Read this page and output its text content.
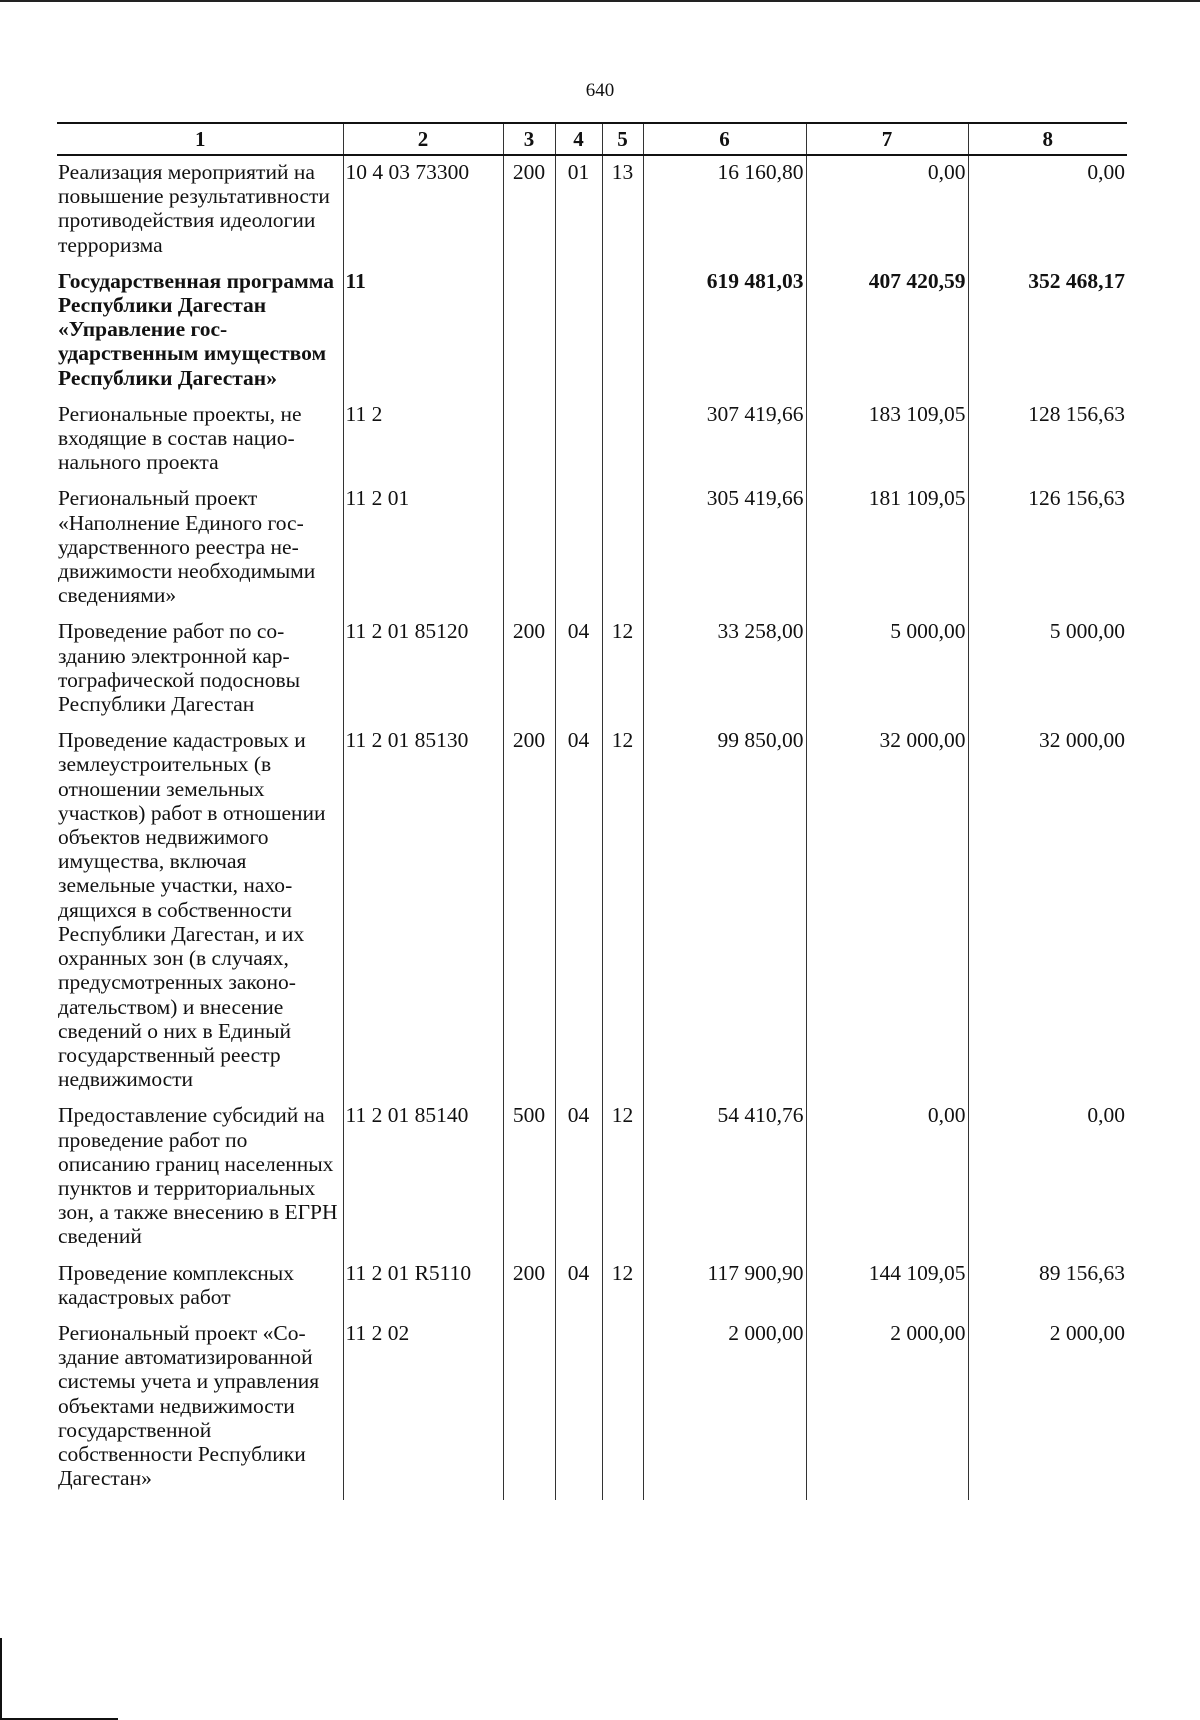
640
1	2	3	4	5	6	7	8
Реализация мероприятий на повышение результативности противодействия идеологии терроризма	10 4 03 73300	200	01	13	16 160,80	0,00	0,00
Государственная программа Республики Дагестан «Управление государственным имуществом Республики Дагестан»	11				619 481,03	407 420,59	352 468,17
Региональные проекты, не входящие в состав национального проекта	11 2				307 419,66	183 109,05	128 156,63
Региональный проект «Наполнение Единого государственного реестра недвижимости необходимыми сведениями»	11 2 01				305 419,66	181 109,05	126 156,63
Проведение работ по созданию электронной картографической подосновы Республики Дагестан	11 2 01 85120	200	04	12	33 258,00	5 000,00	5 000,00
Проведение кадастровых и землеустроительных (в отношении земельных участков) работ в отношении объектов недвижимого имущества, включая земельные участки, находящихся в собственности Республики Дагестан, и их охранных зон (в случаях, предусмотренных законодательством) и внесение сведений о них в Единый государственный реестр недвижимости	11 2 01 85130	200	04	12	99 850,00	32 000,00	32 000,00
Предоставление субсидий на проведение работ по описанию границ населенных пунктов и территориальных зон, а также внесению в ЕГРН сведений	11 2 01 85140	500	04	12	54 410,76	0,00	0,00
Проведение комплексных кадастровых работ	11 2 01 R5110	200	04	12	117 900,90	144 109,05	89 156,63
Региональный проект «Создание автоматизированной системы учета и управления объектами недвижимости государственной собственности Республики Дагестан»	11 2 02				2 000,00	2 000,00	2 000,00
